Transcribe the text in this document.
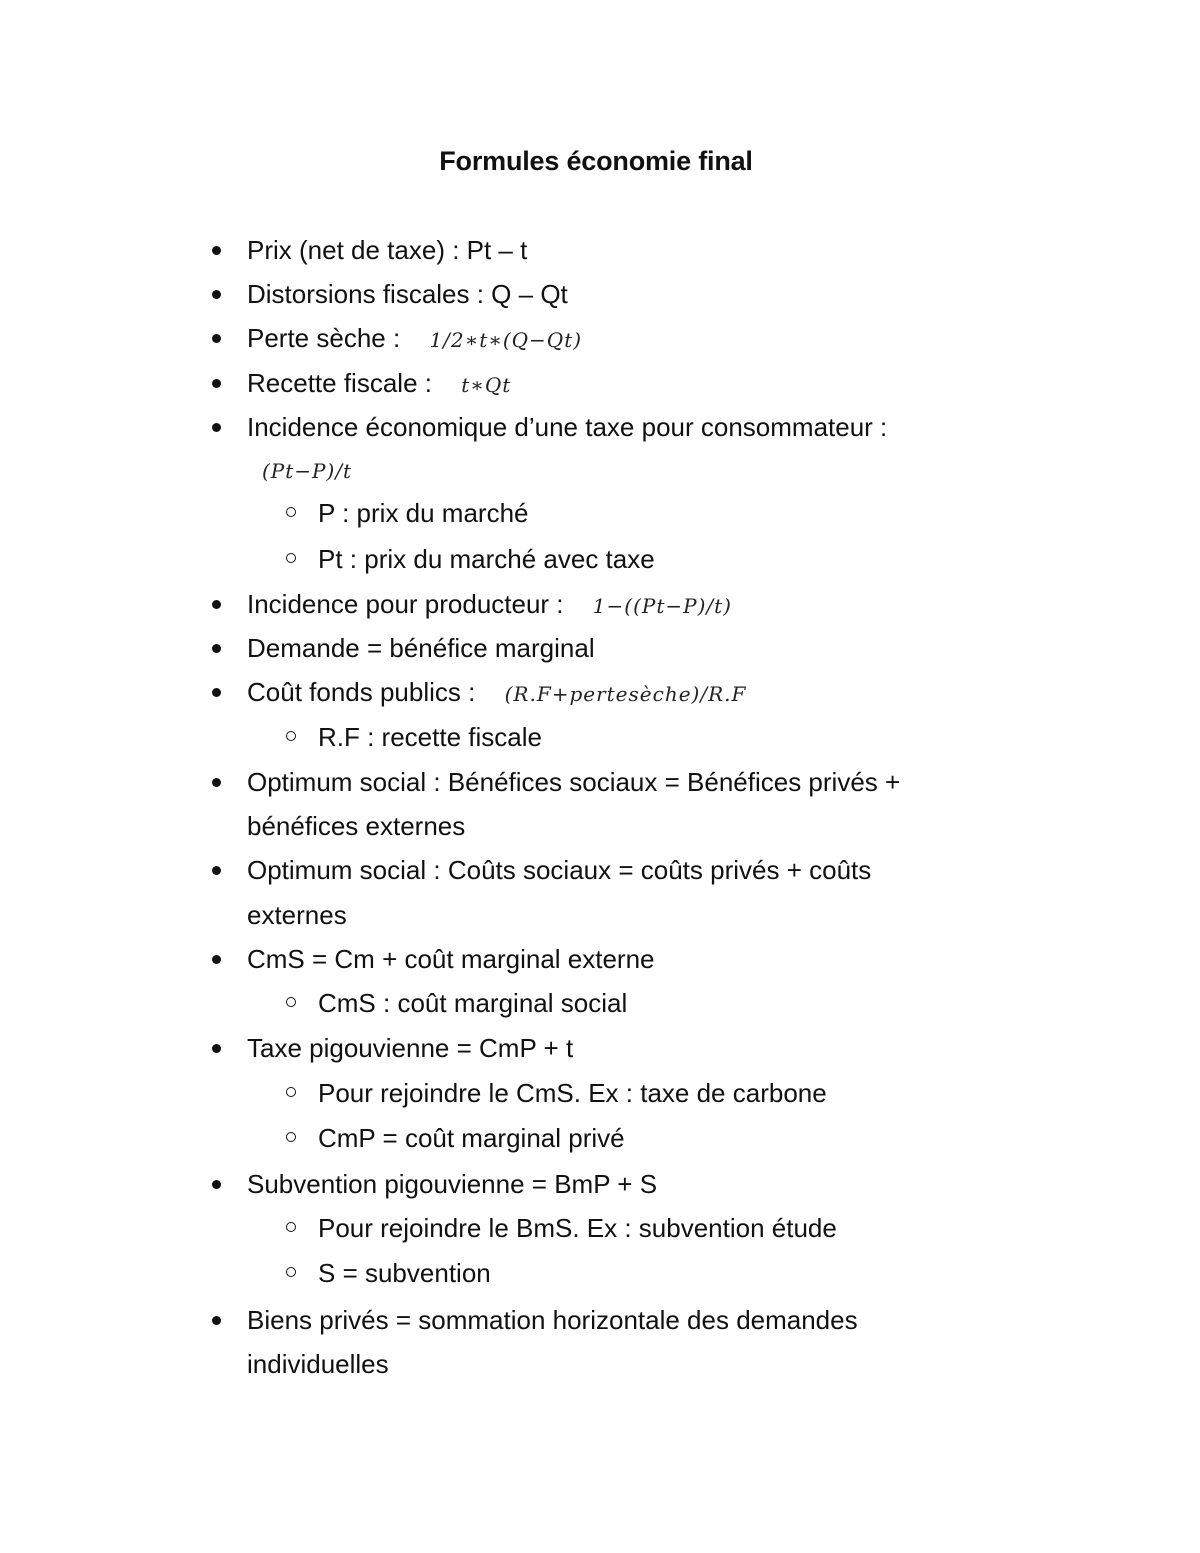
Formules économie final
Prix (net de taxe) : Pt – t
Distorsions fiscales : Q – Qt
Perte sèche : 1/2∗t∗(Q−Qt)
Recette fiscale : t∗Qt
Incidence économique d’une taxe pour consommateur :
(Pt−P)/t
P : prix du marché
Pt : prix du marché avec taxe
Incidence pour producteur : 1−((Pt−P)/t)
Demande = bénéfice marginal
Coût fonds publics : (R.F+pertesèche)/R.F
R.F : recette fiscale
Optimum social : Bénéfices sociaux = Bénéfices privés +
bénéfices externes
Optimum social : Coûts sociaux = coûts privés + coûts
externes
CmS = Cm + coût marginal externe
CmS : coût marginal social
Taxe pigouvienne = CmP + t
Pour rejoindre le CmS. Ex : taxe de carbone
CmP = coût marginal privé
Subvention pigouvienne = BmP + S
Pour rejoindre le BmS. Ex : subvention étude
S = subvention
Biens privés = sommation horizontale des demandes
individuelles
